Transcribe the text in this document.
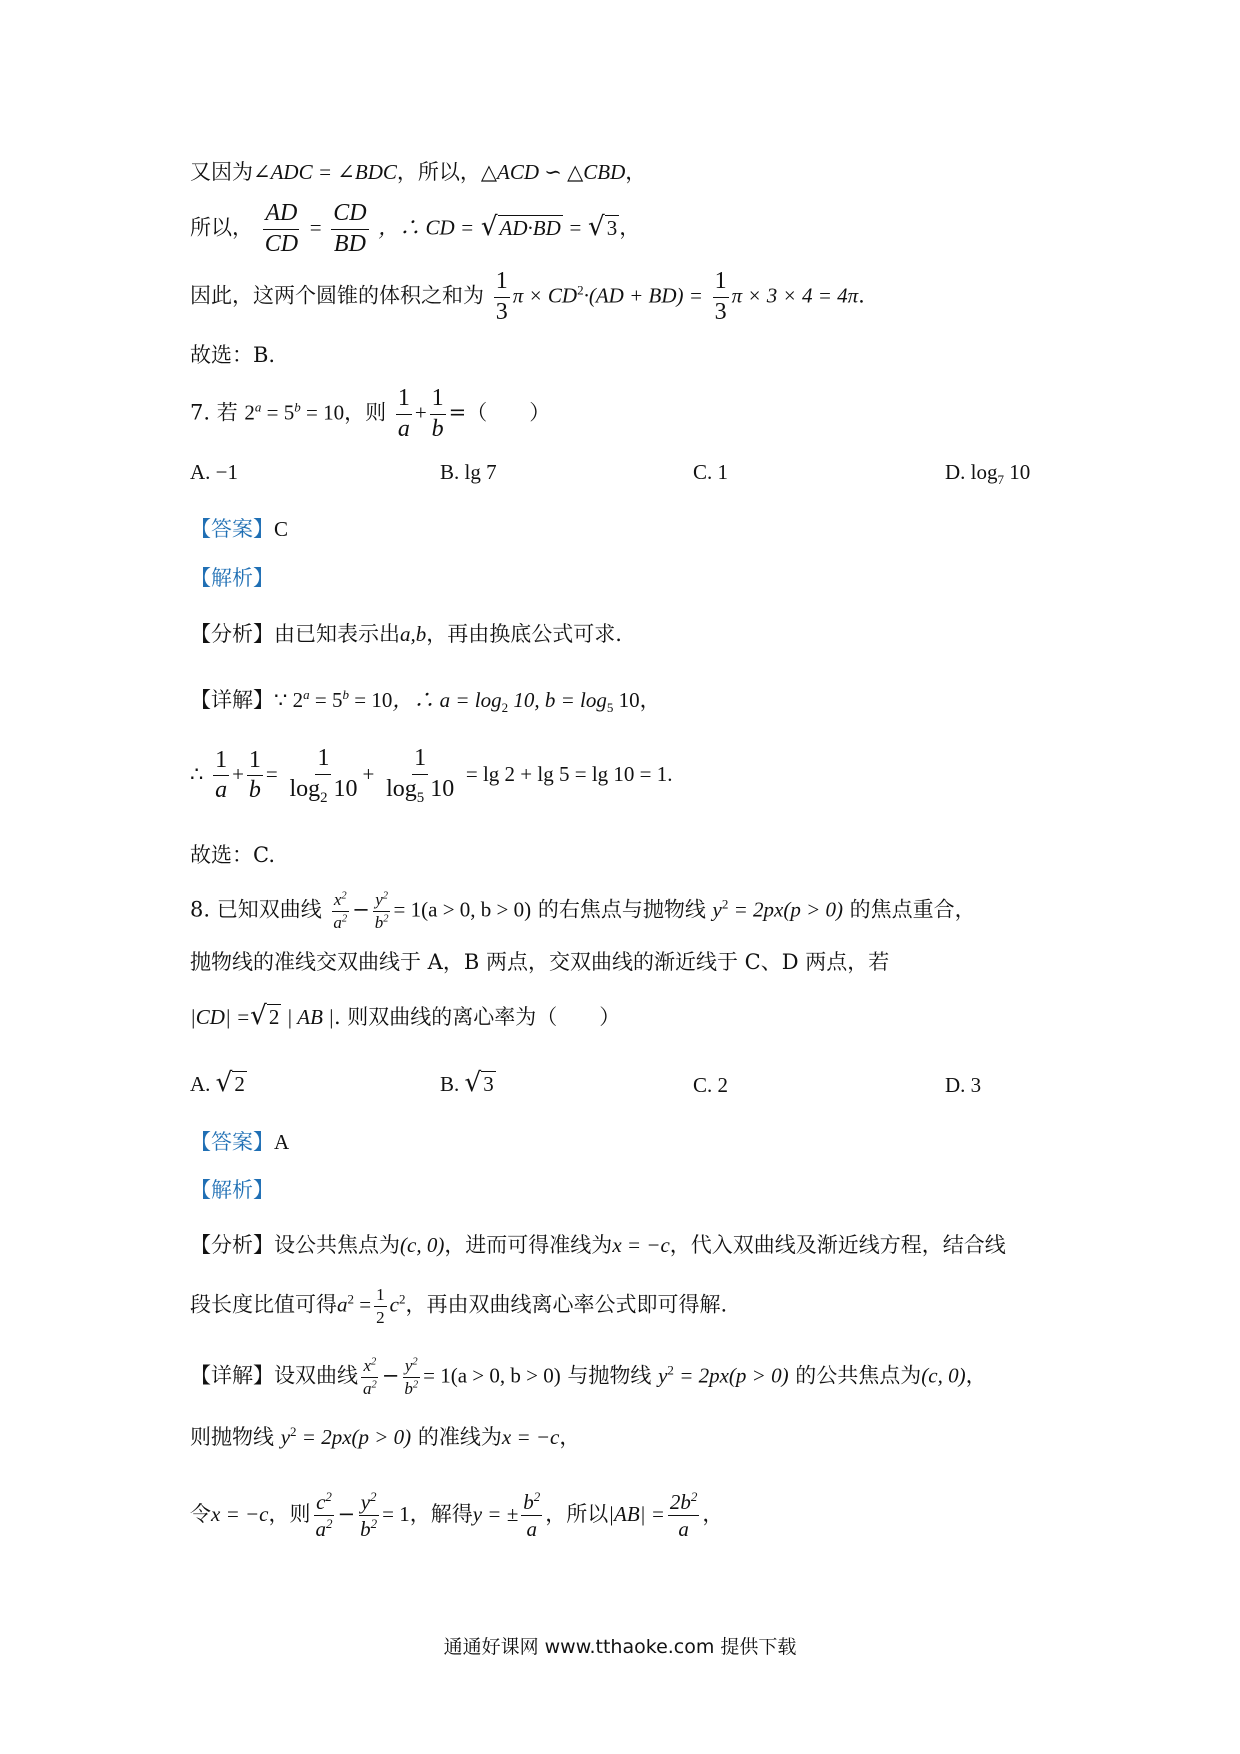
又因为∠ADC = ∠BDC，所以，△ACD ∽ △CBD，
所以， $\frac{AD}{CD} = \frac{CD}{BD}$ ，∴ CD = √ AD·BD = √ 3 ，
因此，这两个圆锥的体积之和为 $\frac{1}{3}$ $\pi \times CD^2\cdot(AD + BD) = \frac{1}{3}$ π × 3 × 4 = 4π.
故选：B.
7. 若 $2^a = 5^b = 10$，则 $\frac{1}{a} + \frac{1}{b}$ =（　　）
A. −1	B. lg 7	C. 1	D. $\log_7 10$
【答案】C
【解析】
【分析】由已知表示出a,b，再由换底公式可求.
【详解】∵ $2^a = 5^b = 10$，∴ $a = \log_2 10$, $b = \log_5 10$，
∴ $\frac{1}{a} + \frac{1}{b} = \frac{1}{\log_2 10} + \frac{1}{\log_5 10} = \lg 2 + \lg 5 = \lg 10 = 1$.
故选：C.
8. 已知双曲线 $\frac{x^2}{a^2} - \frac{y^2}{b^2} = 1(a > 0$, b > 0) 的右焦点与抛物线 $y^2 = 2px(p > 0)$ 的焦点重合，
抛物线的准线交双曲线于 A，B 两点，交双曲线的渐近线于 C、D 两点，若
|CD| = √ 2 | AB |. 则双曲线的离心率为（　　）
A. √ 2	B. √ 3	C. 2	D. 3
【答案】A
【解析】
【分析】设公共焦点为(c, 0)，进而可得准线为x = −c，代入双曲线及渐近线方程，结合线
段长度比值可得$a^2 = \frac{1}{2} c^2$，再由双曲线离心率公式即可得解.
【详解】设双曲线 $\frac{x^2}{a^2} - \frac{y^2}{b^2} = 1(a > 0$, b > 0) 与抛物线 $y^2 = 2px(p > 0)$ 的公共焦点为(c, 0)，
则抛物线 $y^2 = 2px(p > 0)$ 的准线为x = −c，
令x = −c，则 $\frac{c^2}{a^2} - \frac{y^2}{b^2} = 1$，解得y = ± $\frac{b^2}{a}$ ，所以$|AB| = \frac{2b^2}{a}$ ，
通通好课网 www.tthaoke.com 提供下载
